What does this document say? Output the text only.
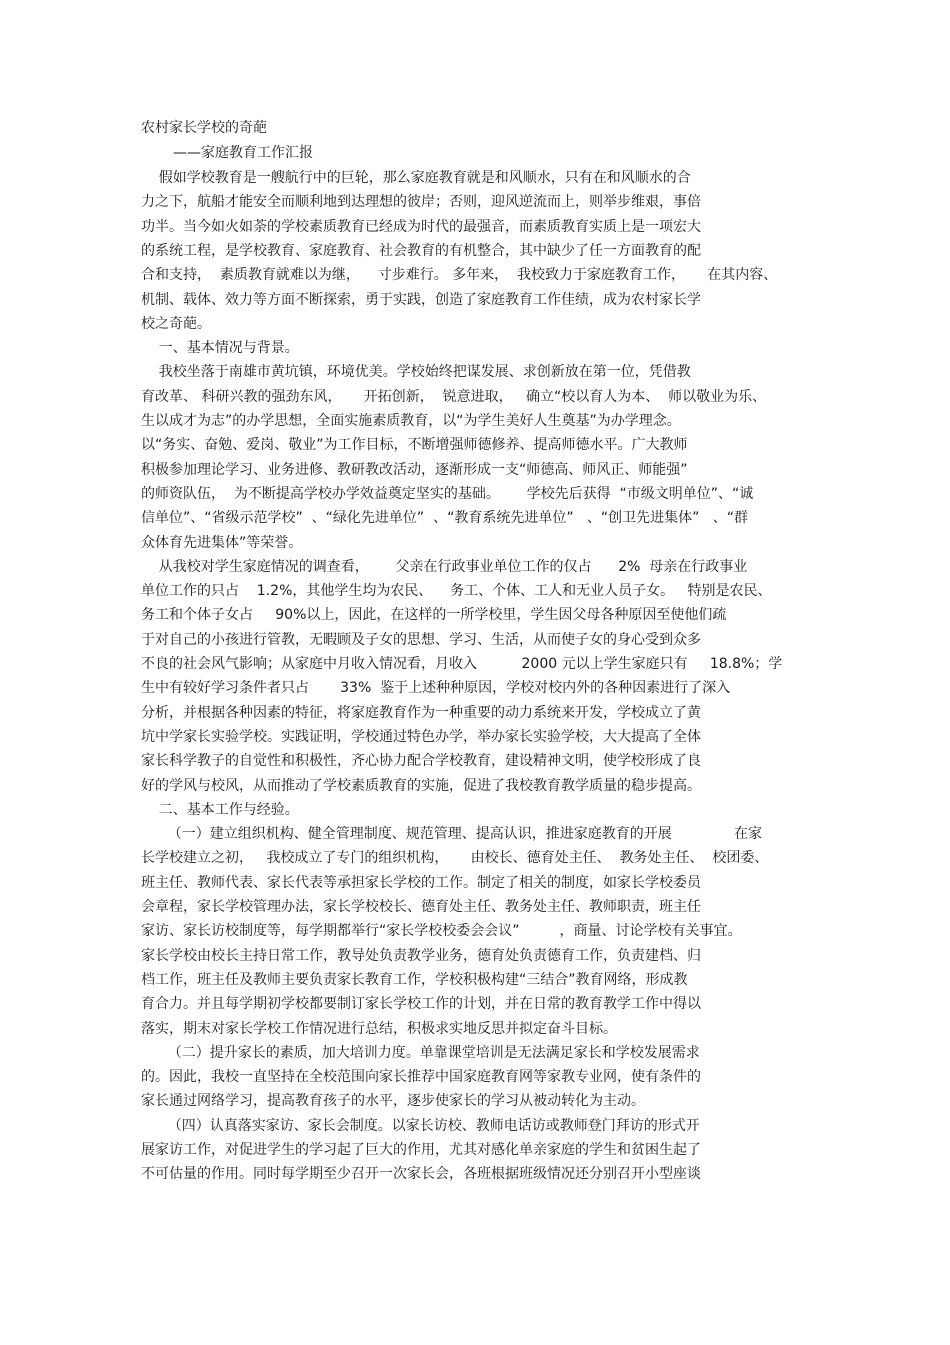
农村家长学校的奇葩
——家庭教育工作汇报
假如学校教育是一艘航行中的巨轮，那么家庭教育就是和风顺水，只有在和风顺水的合
力之下，航船才能安全而顺利地到达理想的彼岸；否则，迎风逆流而上，则举步维艰，事倍
功半。当今如火如荼的学校素质教育已经成为时代的最强音，而素质教育实质上是一项宏大
的系统工程，是学校教育、家庭教育、社会教育的有机整合，其中缺少了任一方面教育的配
合和支持，  素质教育就难以为继，    寸步难行。 多年来，  我校致力于家庭教育工作，     在其内容、
机制、载体、效力等方面不断探索，勇于实践，创造了家庭教育工作佳绩，成为农村家长学
校之奇葩。
一、基本情况与背景。
我校坐落于南雄市黄坑镇，环境优美。学校始终把谋发展、求创新放在第一位，凭借教
育改革、 科研兴教的强劲东风，     开拓创新，  锐意进取，   确立“校以育人为本、  师以敬业为乐、
生以成才为志”的办学思想，全面实施素质教育，以“为学生美好人生奠基”为办学理念。
以“务实、奋勉、爱岗、敬业”为工作目标，不断增强师德修养、提高师德水平。广大教师
积极参加理论学习、业务进修、教研教改活动，逐渐形成一支“师德高、师风正、师能强”
的师资队伍，  为不断提高学校办学效益奠定坚实的基础。      学校先后获得  “市级文明单位”、“诚
信单位”、“省级示范学校”  、“绿化先进单位”  、“教育系统先进单位”   、“创卫先进集体”   、“群
众体育先进集体”等荣誉。
从我校对学生家庭情况的调查看，      父亲在行政事业单位工作的仅占      2%  母亲在行政事业
单位工作的只占    1.2%，其他学生均为农民、    务工、个体、工人和无业人员子女。   特别是农民、
务工和个体子女占     90%以上，因此，在这样的一所学校里，学生因父母各种原因至使他们疏
于对自己的小孩进行管教，无暇顾及子女的思想、学习、生活，从而使子女的身心受到众多
不良的社会风气影响；从家庭中月收入情况看，月收入          2000 元以上学生家庭只有     18.8%；学
生中有较好学习条件者只占       33%  鉴于上述种种原因，学校对校内外的各种因素进行了深入
分析，并根据各种因素的特征，将家庭教育作为一种重要的动力系统来开发，学校成立了黄
坑中学家长实验学校。实践证明，学校通过特色办学，举办家长实验学校，大大提高了全体
家长科学教子的自觉性和积极性，齐心协力配合学校教育，建设精神文明，使学校形成了良
好的学风与校风，从而推动了学校素质教育的实施，促进了我校教育教学质量的稳步提高。
二、基本工作与经验。
（一）建立组织机构、健全管理制度、规范管理、提高认识，推进家庭教育的开展              在家
长学校建立之初，   我校成立了专门的组织机构，     由校长、德育处主任、  教务处主任、  校团委、
班主任、教师代表、家长代表等承担家长学校的工作。制定了相关的制度，如家长学校委员
会章程，家长学校管理办法，家长学校校长、德育处主任、教务处主任、教师职责，班主任
家访、家长访校制度等，每学期都举行“家长学校校委会会议”         ，商量、讨论学校有关事宜。
家长学校由校长主持日常工作，教导处负责教学业务，德育处负责德育工作，负责建档、归
档工作，班主任及教师主要负责家长教育工作，学校积极构建“三结合”教育网络，形成教
育合力。并且每学期初学校都要制订家长学校工作的计划，并在日常的教育教学工作中得以
落实，期末对家长学校工作情况进行总结，积极求实地反思并拟定奋斗目标。
（二）提升家长的素质，加大培训力度。单靠课堂培训是无法满足家长和学校发展需求
的。因此，我校一直坚持在全校范围向家长推荐中国家庭教育网等家教专业网，使有条件的
家长通过网络学习，提高教育孩子的水平，逐步使家长的学习从被动转化为主动。
（四）认真落实家访、家长会制度。以家长访校、教师电话访或教师登门拜访的形式开
展家访工作，对促进学生的学习起了巨大的作用，尤其对感化单亲家庭的学生和贫困生起了
不可估量的作用。同时每学期至少召开一次家长会，各班根据班级情况还分别召开小型座谈
